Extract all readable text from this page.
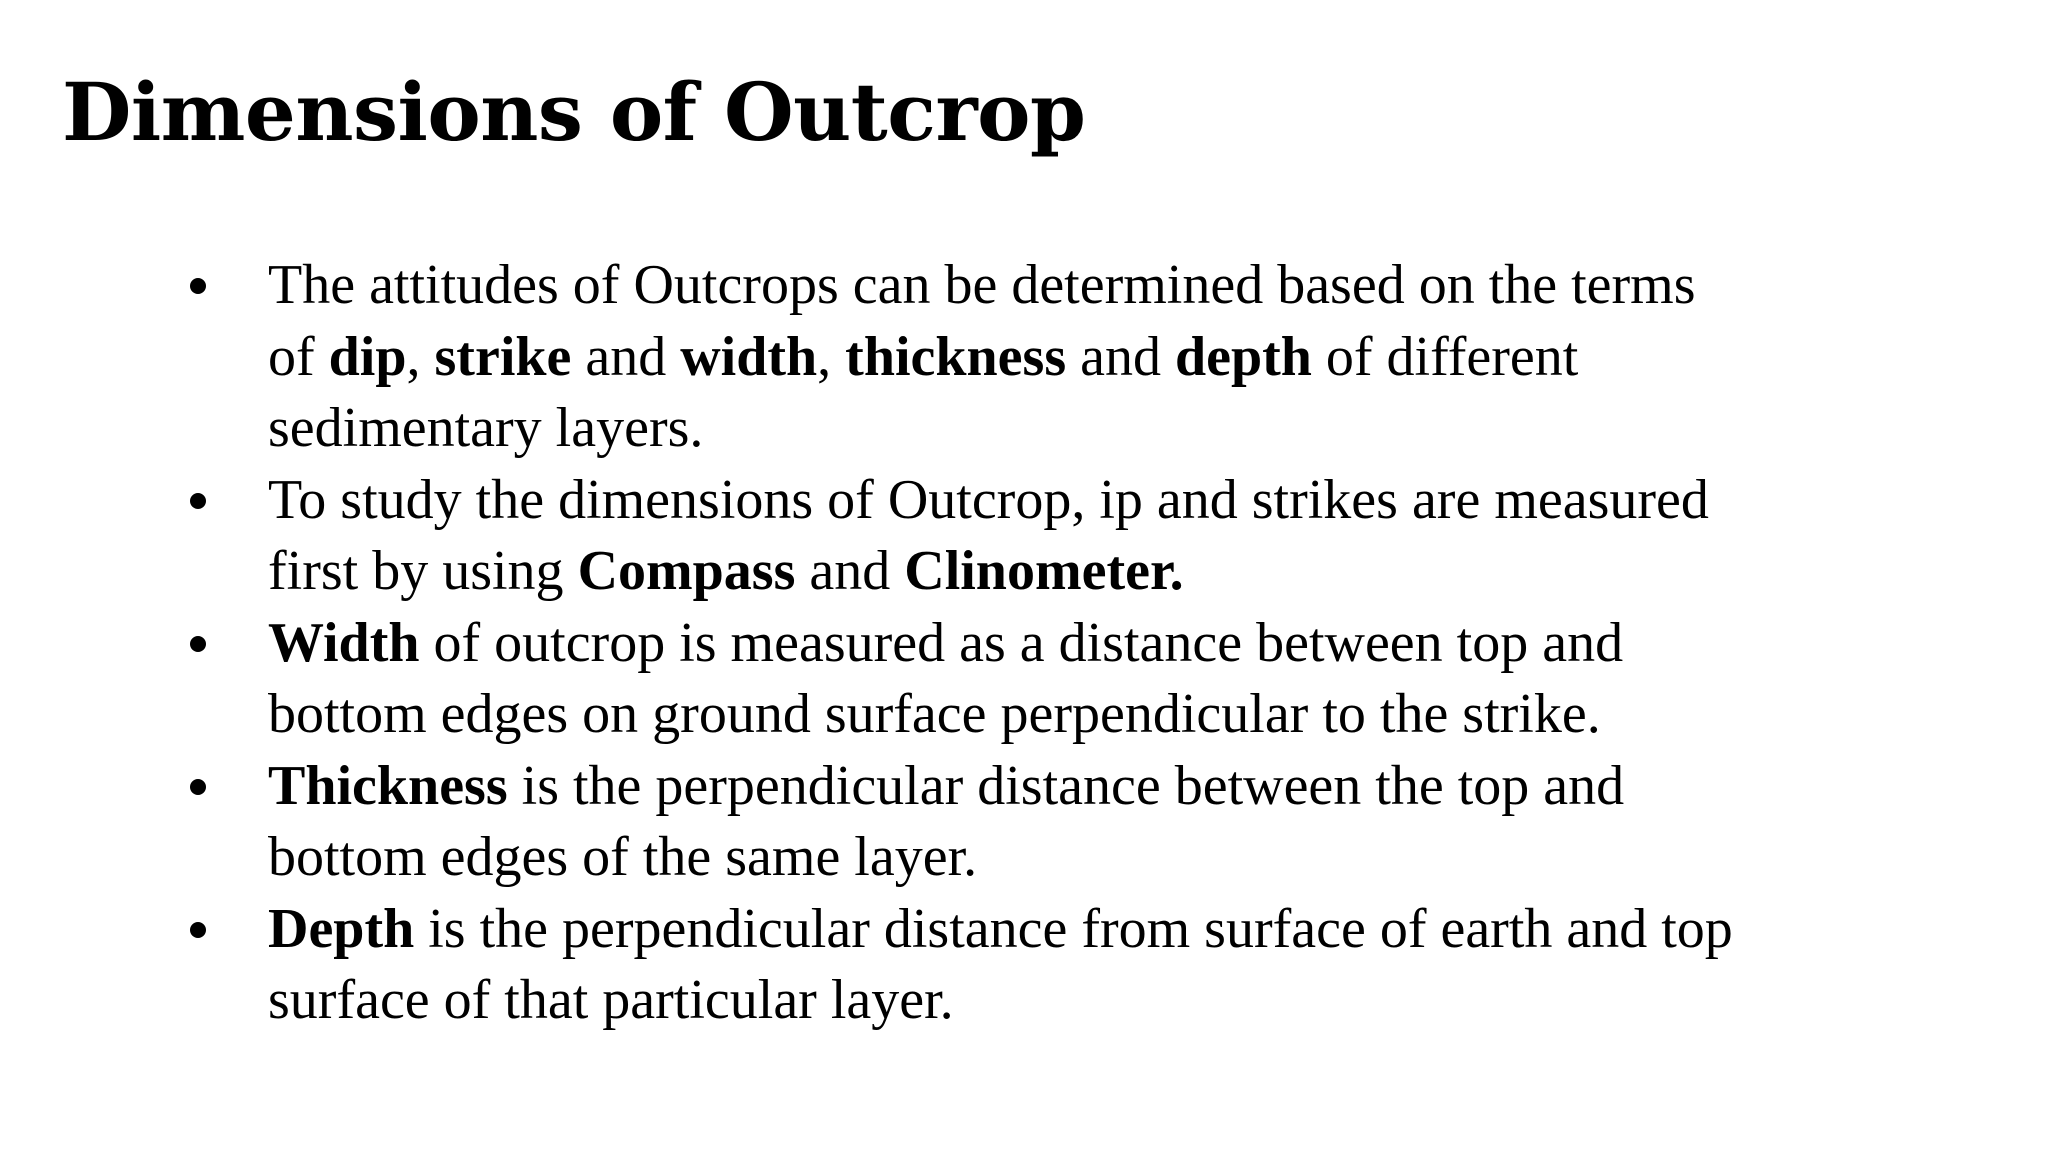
Dimensions of Outcrop
The attitudes of Outcrops can be determined based on the terms
of dip, strike and width, thickness and depth of different
sedimentary layers.
To study the dimensions of Outcrop, ip and strikes are measured
first by using Compass and Clinometer.
Width of outcrop is measured as a distance between top and
bottom edges on ground surface perpendicular to the strike.
Thickness is the perpendicular distance between the top and
bottom edges of the same layer.
Depth is the perpendicular distance from surface of earth and top
surface of that particular layer.
